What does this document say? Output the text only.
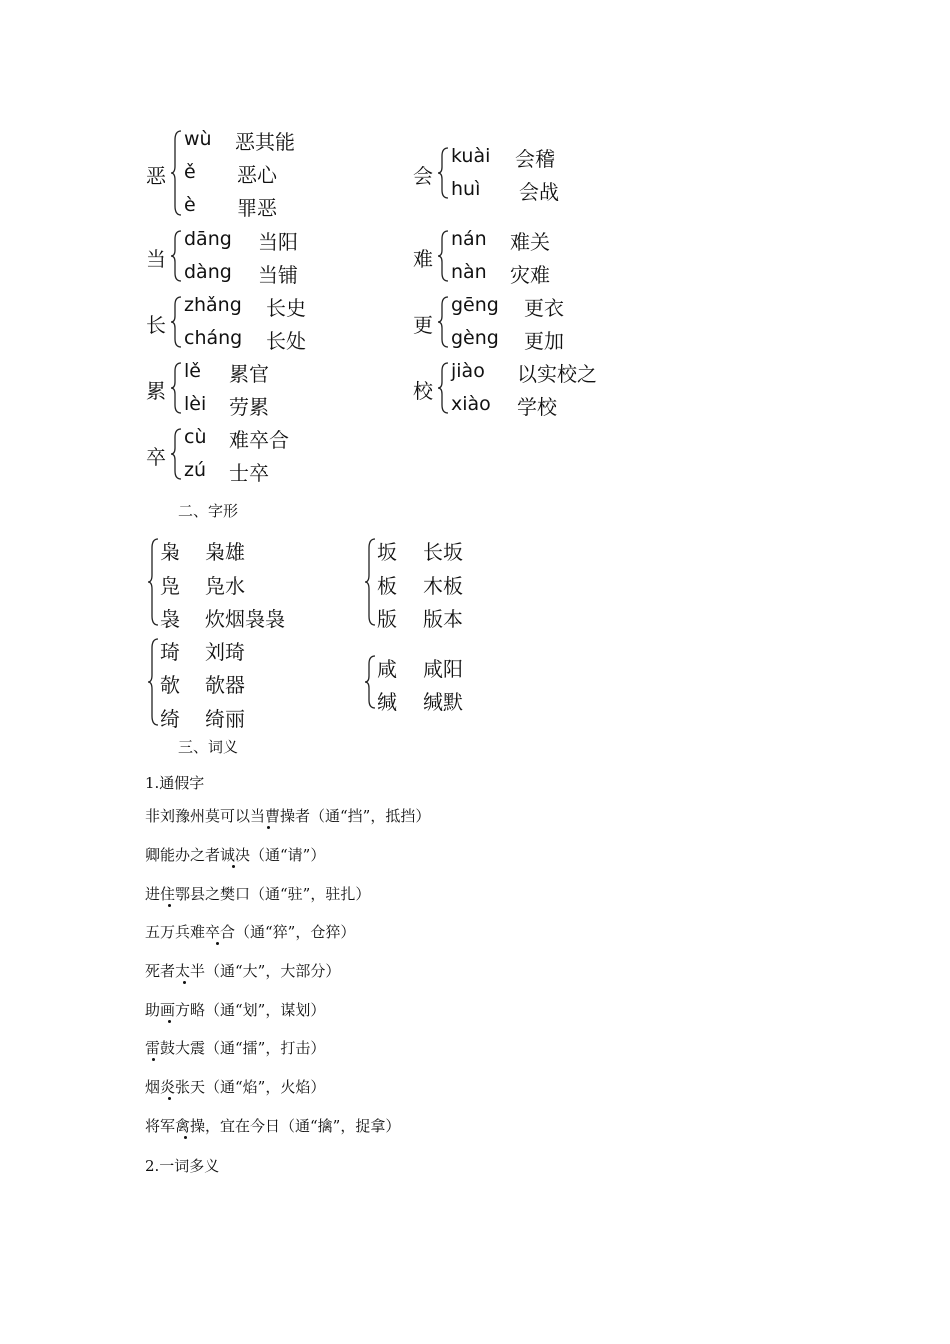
恶
wù 恶其能
ě 恶心
è 罪恶
当
dāng 当阳
dàng 当铺
长
zhǎng 长史
cháng 长处
累
lě 累官
lèi 劳累
卒
cù 难卒合
zú 士卒
会
kuài 会稽
huì 会战
难
nán 难关
nàn 灾难
更
gēng 更衣
gèng 更加
校
jiào 以实校之
xiào 学校
二、字形
枭 枭雄
凫 凫水
袅 炊烟袅袅
琦 刘琦
欹 欹器
绮 绮丽
坂 长坂
板 木板
版 版本
咸 咸阳
缄 缄默
三、词义
1.通假字
非刘豫州莫可以当曹操者（通“挡”，抵挡）
卿能办之者诚决（通“请”）
进住鄂县之樊口（通“驻”，驻扎）
五万兵难卒合（通“猝”，仓猝）
死者太半（通“大”，大部分）
助画方略（通“划”，谋划）
雷鼓大震（通“擂”，打击）
烟炎张天（通“焰”，火焰）
将军禽操，宜在今日（通“擒”，捉拿）
2.一词多义
